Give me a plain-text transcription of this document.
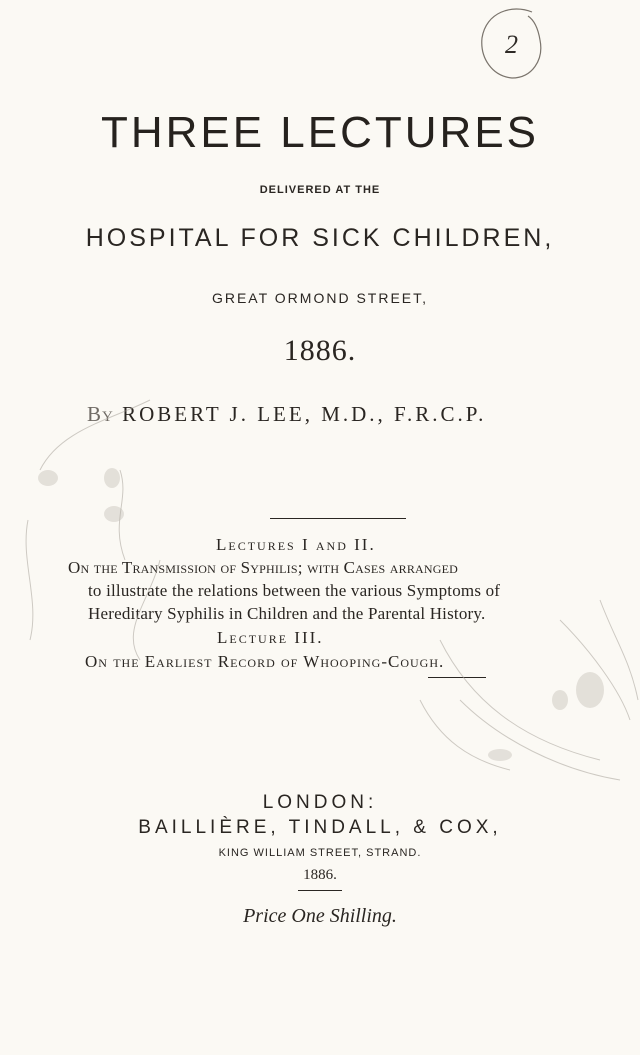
2
THREE LECTURES
DELIVERED AT THE
HOSPITAL FOR SICK CHILDREN,
GREAT ORMOND STREET,
1886.
By ROBERT J. LEE, M.D., F.R.C.P.
Lectures I and II.
On the Transmission of Syphilis; with Cases arranged
to illustrate the relations between the various Symptoms of
Hereditary Syphilis in Children and the Parental History.
Lecture III.
On the Earliest Record of Whooping-Cough.
LONDON:
BAILLIÈRE, TINDALL, & COX,
KING WILLIAM STREET, STRAND.
1886.
Price One Shilling.
